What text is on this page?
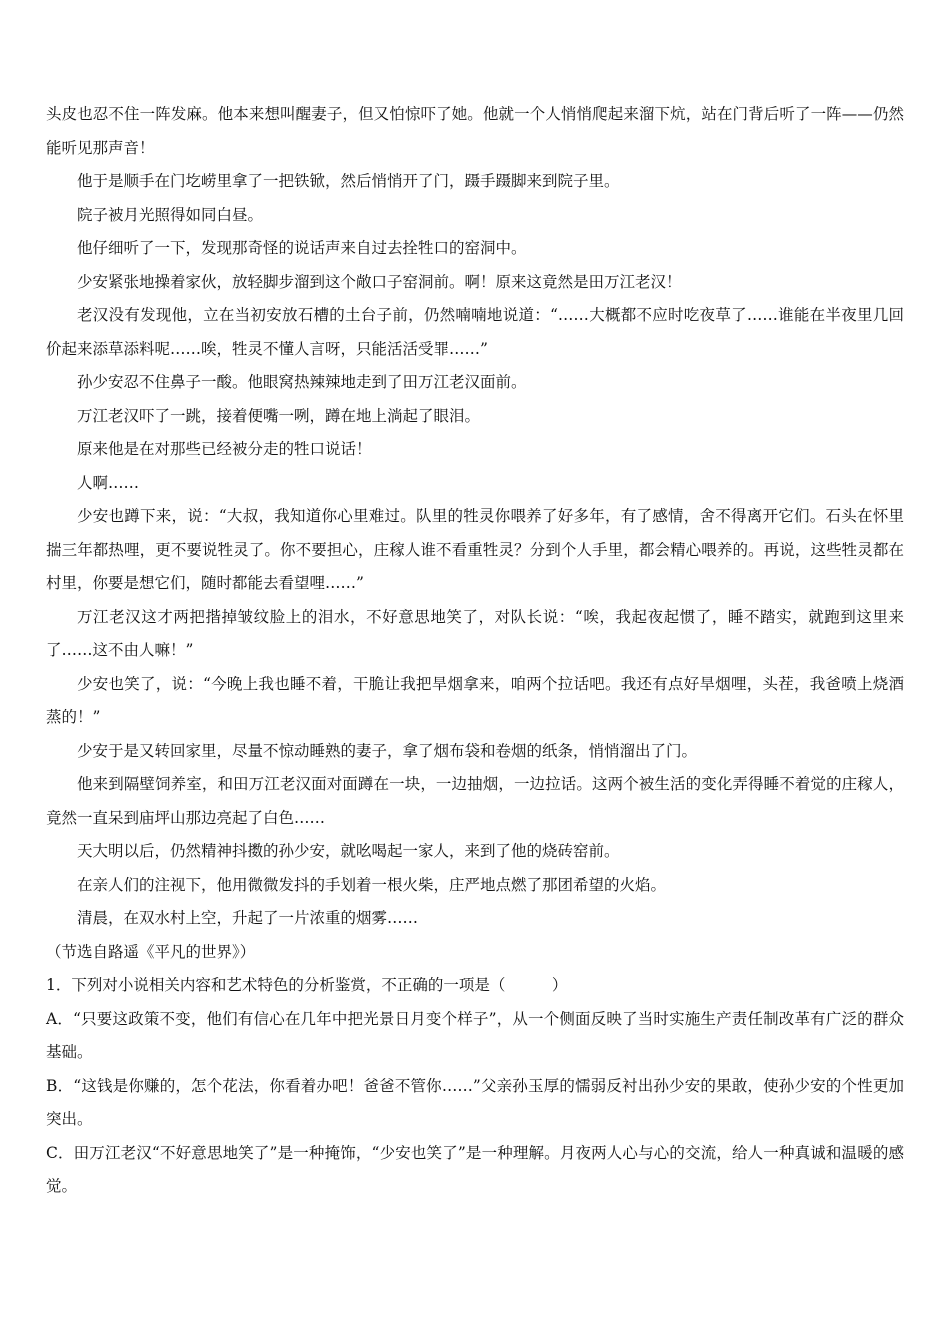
头皮也忍不住一阵发麻。他本来想叫醒妻子，但又怕惊吓了她。他就一个人悄悄爬起来溜下炕，站在门背后听了一阵——仍然能听见那声音！

他于是顺手在门圪崂里拿了一把铁锨，然后悄悄开了门，蹑手蹑脚来到院子里。

院子被月光照得如同白昼。

他仔细听了一下，发现那奇怪的说话声来自过去拴牲口的窑洞中。

少安紧张地操着家伙，放轻脚步溜到这个敞口子窑洞前。啊！原来这竟然是田万江老汉！

老汉没有发现他，立在当初安放石槽的土台子前，仍然喃喃地说道：“……大概都不应时吃夜草了……谁能在半夜里几回价起来添草添料呢……唉，牲灵不懂人言呀，只能活活受罪……”

孙少安忍不住鼻子一酸。他眼窝热辣辣地走到了田万江老汉面前。

万江老汉吓了一跳，接着便嘴一咧，蹲在地上淌起了眼泪。

原来他是在对那些已经被分走的牲口说话！

人啊……

少安也蹲下来，说：“大叔，我知道你心里难过。队里的牲灵你喂养了好多年，有了感情，舍不得离开它们。石头在怀里揣三年都热哩，更不要说牲灵了。你不要担心，庄稼人谁不看重牲灵？分到个人手里，都会精心喂养的。再说，这些牲灵都在村里，你要是想它们，随时都能去看望哩……”

万江老汉这才两把揩掉皱纹脸上的泪水，不好意思地笑了，对队长说：“唉，我起夜起惯了，睡不踏实，就跑到这里来了……这不由人嘛！”

少安也笑了，说：“今晚上我也睡不着，干脆让我把旱烟拿来，咱两个拉话吧。我还有点好旱烟哩，头茬，我爸喷上烧酒蒸的！”

少安于是又转回家里，尽量不惊动睡熟的妻子，拿了烟布袋和卷烟的纸条，悄悄溜出了门。

他来到隔壁饲养室，和田万江老汉面对面蹲在一块，一边抽烟，一边拉话。这两个被生活的变化弄得睡不着觉的庄稼人，竟然一直呆到庙坪山那边亮起了白色……

天大明以后，仍然精神抖擞的孙少安，就吆喝起一家人，来到了他的烧砖窑前。

在亲人们的注视下，他用微微发抖的手划着一根火柴，庄严地点燃了那团希望的火焰。

清晨，在双水村上空，升起了一片浓重的烟雾……

（节选自路遥《平凡的世界》）

1．下列对小说相关内容和艺术特色的分析鉴赏，不正确的一项是（　　　）

A．“只要这政策不变，他们有信心在几年中把光景日月变个样子”，从一个侧面反映了当时实施生产责任制改革有广泛的群众基础。

B．“这钱是你赚的，怎个花法，你看着办吧！爸爸不管你……”父亲孙玉厚的懦弱反衬出孙少安的果敢，使孙少安的个性更加突出。

C．田万江老汉“不好意思地笑了”是一种掩饰，“少安也笑了”是一种理解。月夜两人心与心的交流，给人一种真诚和温暖的感觉。
